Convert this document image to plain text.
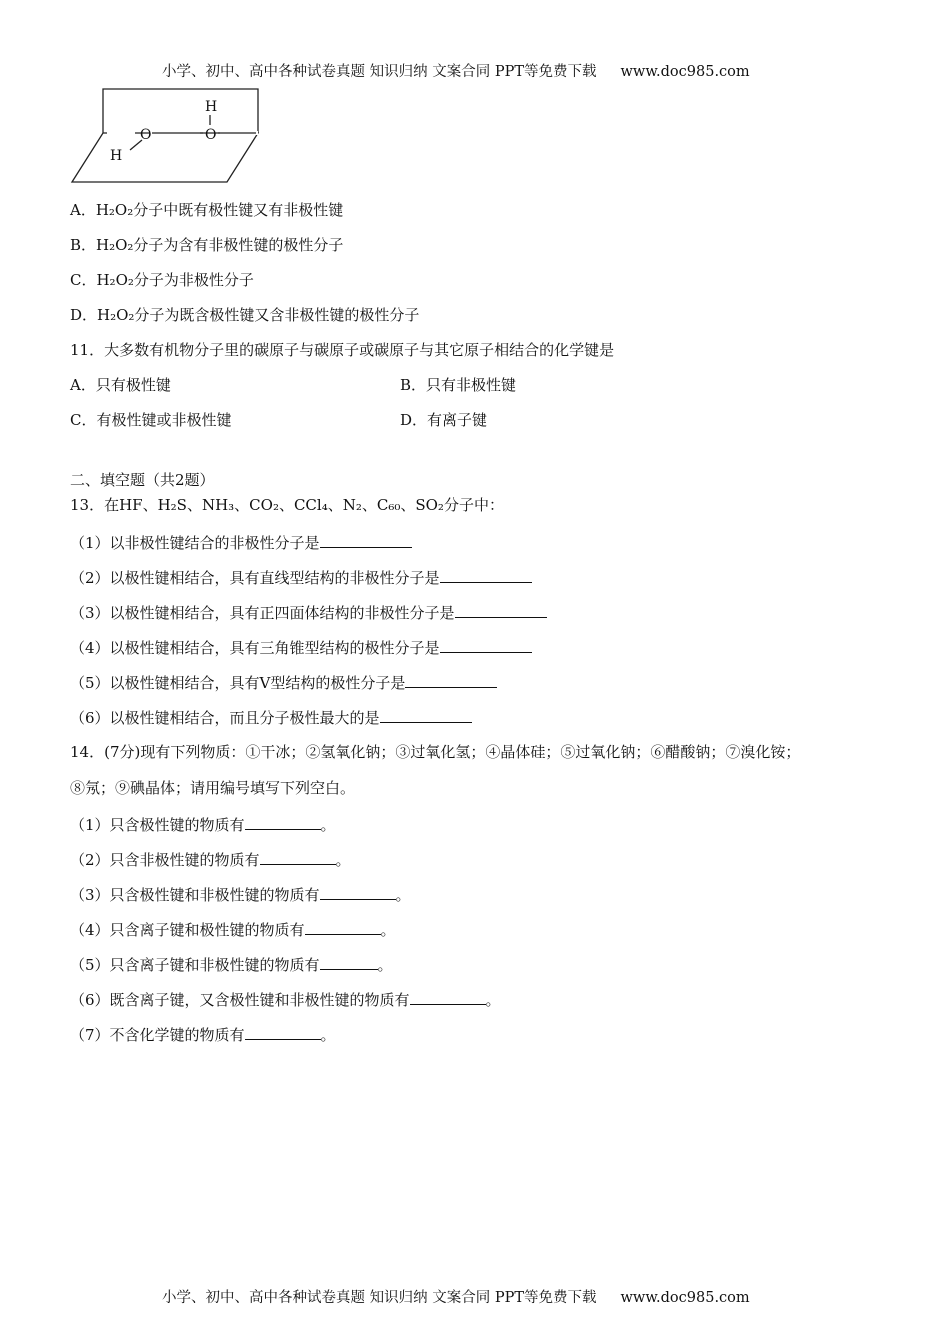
小学、初中、高中各种试卷真题 知识归纳 文案合同 PPT等免费下载 www.doc985.com
H
O	O
H
A．H₂O₂分子中既有极性键又有非极性键
B．H₂O₂分子为含有非极性键的极性分子
C．H₂O₂分子为非极性分子
D．H₂O₂分子为既含极性键又含非极性键的极性分子
11．大多数有机物分子里的碳原子与碳原子或碳原子与其它原子相结合的化学键是
A．只有极性键	B．只有非极性键
C．有极性键或非极性键	D．有离子键
二、填空题（共2题）
13．在HF、H₂S、NH₃、CO₂、CCl₄、N₂、C₆₀、SO₂分子中：
（1）以非极性键结合的非极性分子是
（2）以极性键相结合，具有直线型结构的非极性分子是
（3）以极性键相结合，具有正四面体结构的非极性分子是
（4）以极性键相结合，具有三角锥型结构的极性分子是
（5）以极性键相结合，具有V型结构的极性分子是
（6）以极性键相结合，而且分子极性最大的是
14．(7分)现有下列物质：①干冰；②氢氧化钠；③过氧化氢；④晶体硅；⑤过氧化钠；⑥醋酸钠；⑦溴化铵；
⑧氖；⑨碘晶体；请用编号填写下列空白。
（1）只含极性键的物质有	。
（2）只含非极性键的物质有	。
（3）只含极性键和非极性键的物质有	。
（4）只含离子键和极性键的物质有	。
（5）只含离子键和非极性键的物质有	。
（6）既含离子键，又含极性键和非极性键的物质有	。
（7）不含化学键的物质有	。
小学、初中、高中各种试卷真题 知识归纳 文案合同 PPT等免费下载 www.doc985.com
